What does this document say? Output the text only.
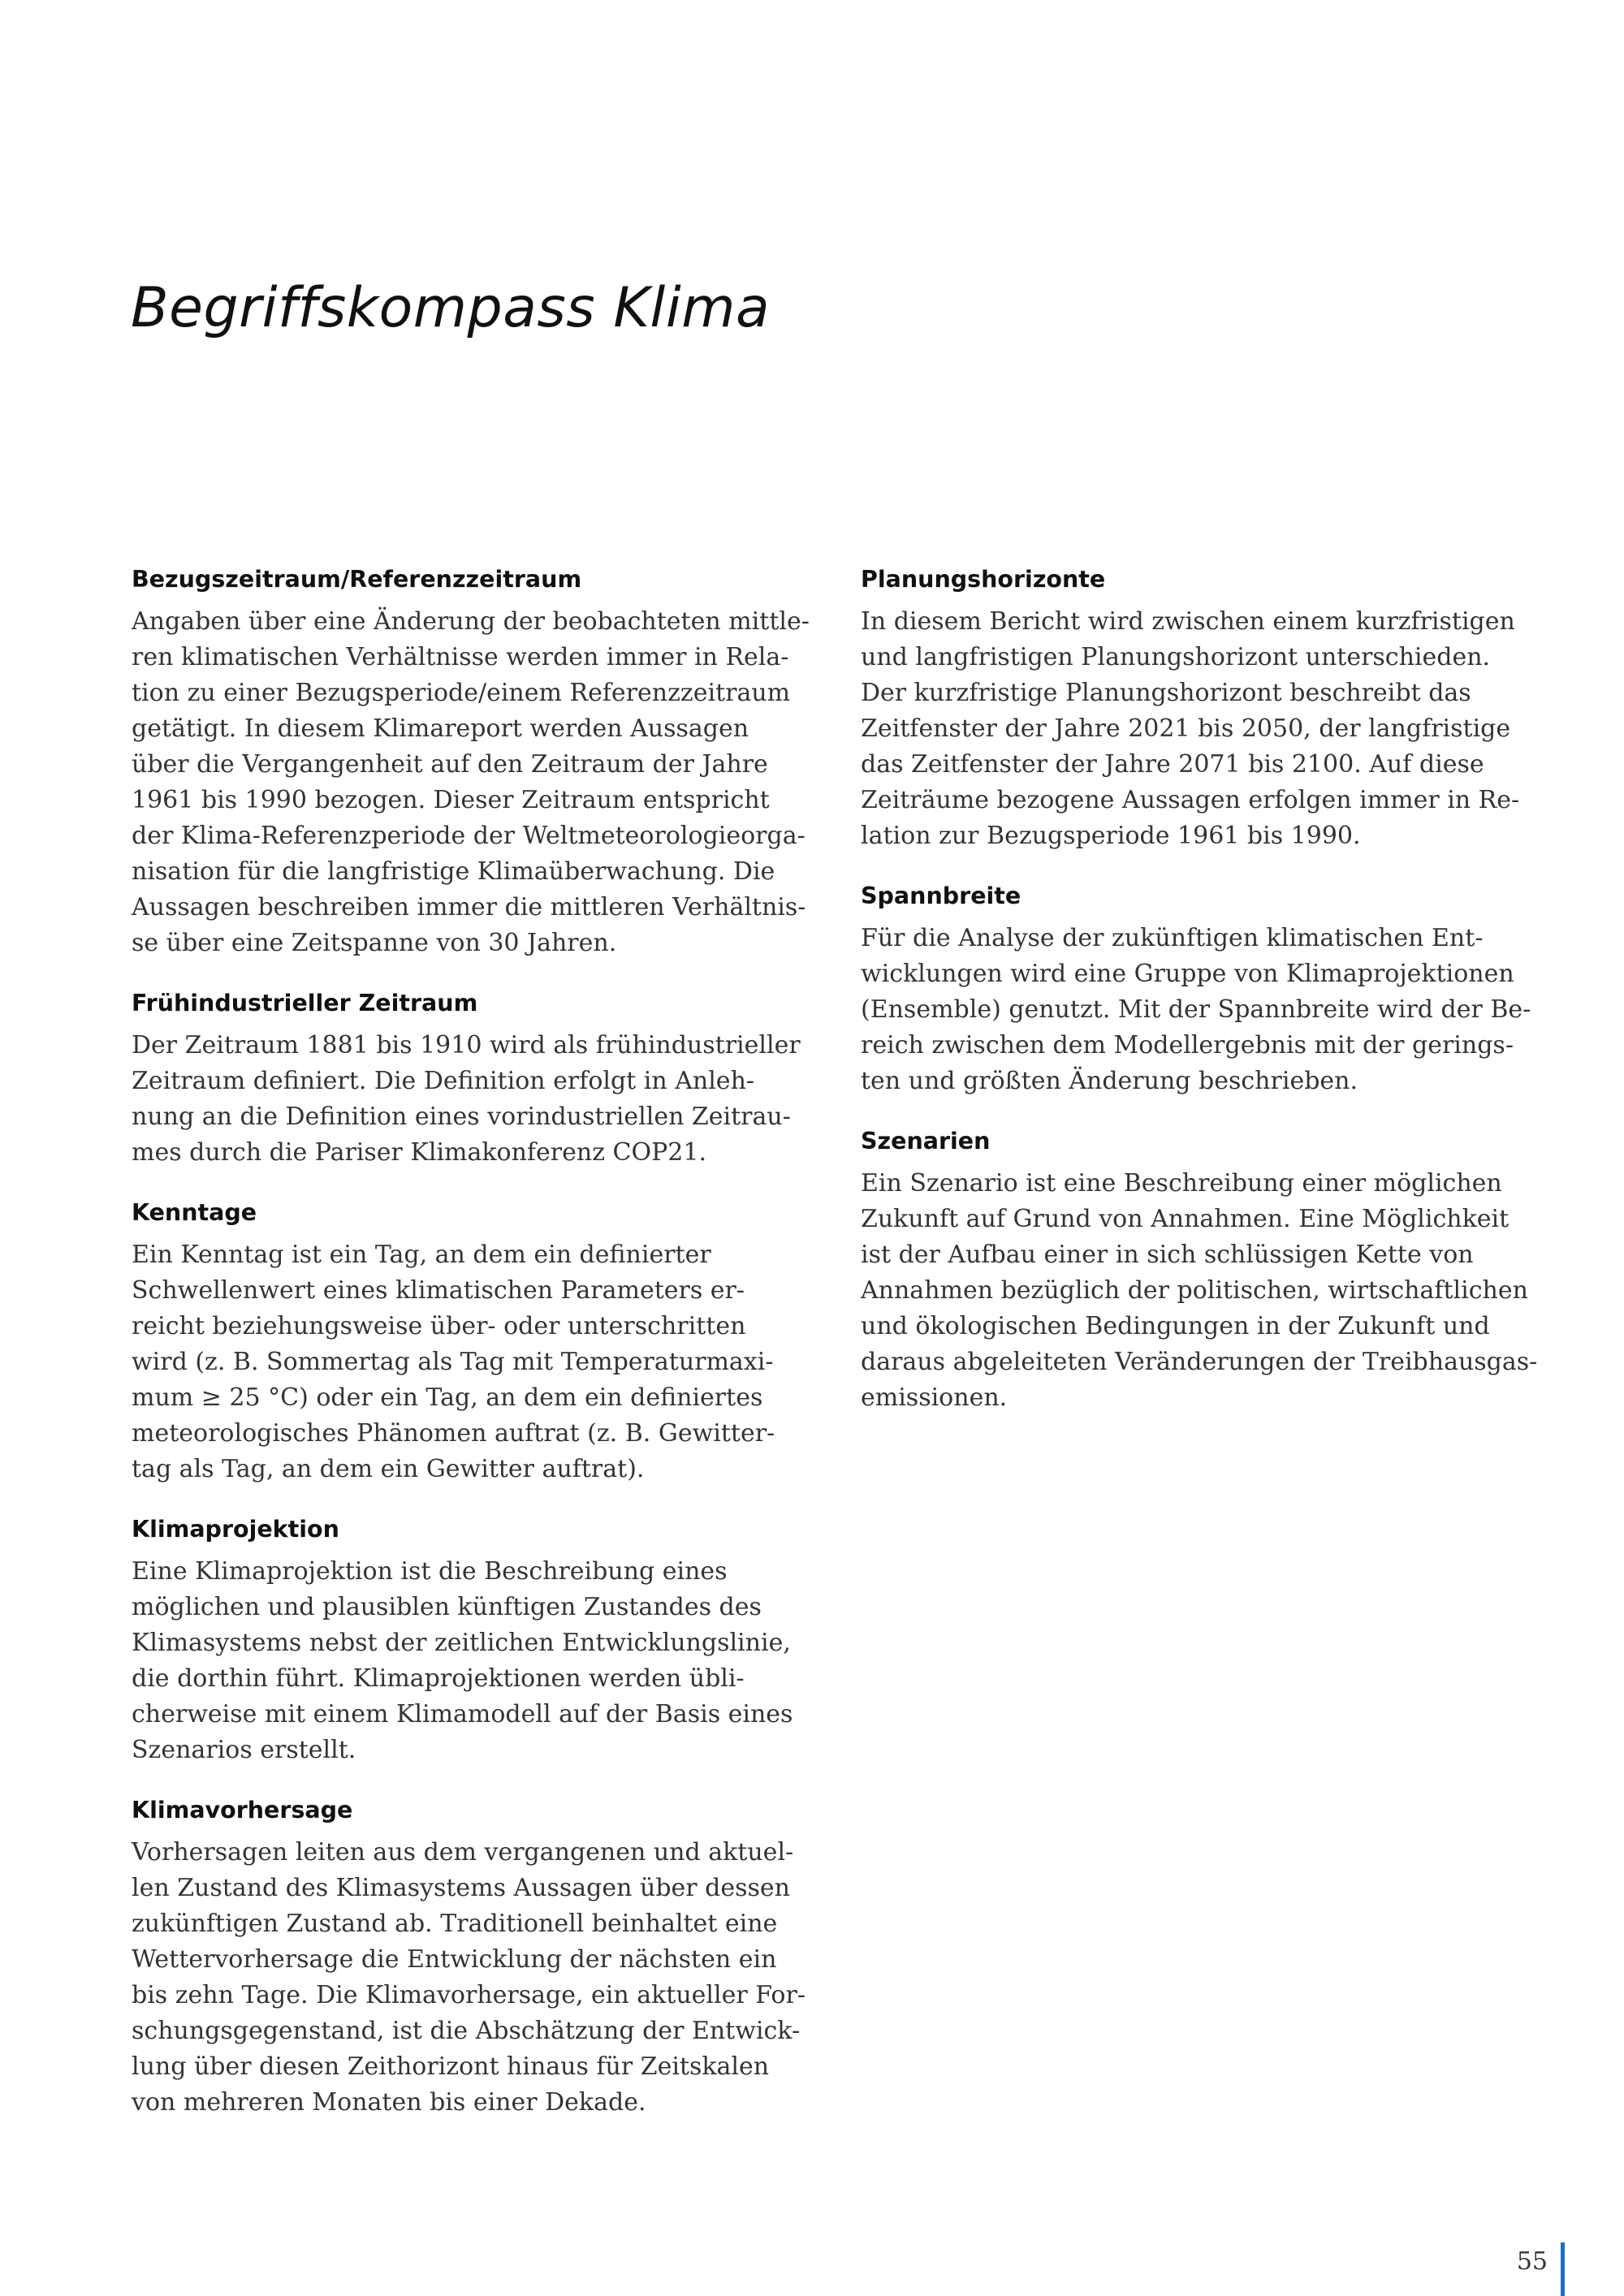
Begriffskompass Klima
Bezugszeitraum/Referenzzeitraum
Angaben über eine Änderung der beobachteten mittle-
ren klimatischen Verhältnisse werden immer in Rela-
tion zu einer Bezugsperiode/einem Referenzzeitraum
getätigt. In diesem Klimareport werden Aussagen
über die Vergangenheit auf den Zeitraum der Jahre
1961 bis 1990 bezogen. Dieser Zeitraum entspricht
der Klima-Referenzperiode der Weltmeteorologieorga-
nisation für die langfristige Klimaüberwachung. Die
Aussagen beschreiben immer die mittleren Verhältnis-
se über eine Zeitspanne von 30 Jahren.
Frühindustrieller Zeitraum
Der Zeitraum 1881 bis 1910 wird als frühindustrieller
Zeitraum definiert. Die Definition erfolgt in Anleh-
nung an die Definition eines vorindustriellen Zeitrau-
mes durch die Pariser Klimakonferenz COP21.
Kenntage
Ein Kenntag ist ein Tag, an dem ein definierter
Schwellenwert eines klimatischen Parameters er-
reicht beziehungsweise über- oder unterschritten
wird (z. B. Sommertag als Tag mit Temperaturmaxi-
mum ≥ 25 °C) oder ein Tag, an dem ein definiertes
meteorologisches Phänomen auftrat (z. B. Gewitter-
tag als Tag, an dem ein Gewitter auftrat).
Klimaprojektion
Eine Klimaprojektion ist die Beschreibung eines
möglichen und plausiblen künftigen Zustandes des
Klimasystems nebst der zeitlichen Entwicklungslinie,
die dorthin führt. Klimaprojektionen werden übli-
cherweise mit einem Klimamodell auf der Basis eines
Szenarios erstellt.
Klimavorhersage
Vorhersagen leiten aus dem vergangenen und aktuel-
len Zustand des Klimasystems Aussagen über dessen
zukünftigen Zustand ab. Traditionell beinhaltet eine
Wettervorhersage die Entwicklung der nächsten ein
bis zehn Tage. Die Klimavorhersage, ein aktueller For-
schungsgegenstand, ist die Abschätzung der Entwick-
lung über diesen Zeithorizont hinaus für Zeitskalen
von mehreren Monaten bis einer Dekade.
Planungshorizonte
In diesem Bericht wird zwischen einem kurzfristigen
und langfristigen Planungshorizont unterschieden.
Der kurzfristige Planungshorizont beschreibt das
Zeitfenster der Jahre 2021 bis 2050, der langfristige
das Zeitfenster der Jahre 2071 bis 2100. Auf diese
Zeiträume bezogene Aussagen erfolgen immer in Re-
lation zur Bezugsperiode 1961 bis 1990.
Spannbreite
Für die Analyse der zukünftigen klimatischen Ent-
wicklungen wird eine Gruppe von Klimaprojektionen
(Ensemble) genutzt. Mit der Spannbreite wird der Be-
reich zwischen dem Modellergebnis mit der gerings-
ten und größten Änderung beschrieben.
Szenarien
Ein Szenario ist eine Beschreibung einer möglichen
Zukunft auf Grund von Annahmen. Eine Möglichkeit
ist der Aufbau einer in sich schlüssigen Kette von
Annahmen bezüglich der politischen, wirtschaftlichen
und ökologischen Bedingungen in der Zukunft und
daraus abgeleiteten Veränderungen der Treibhausgas-
emissionen.
55
